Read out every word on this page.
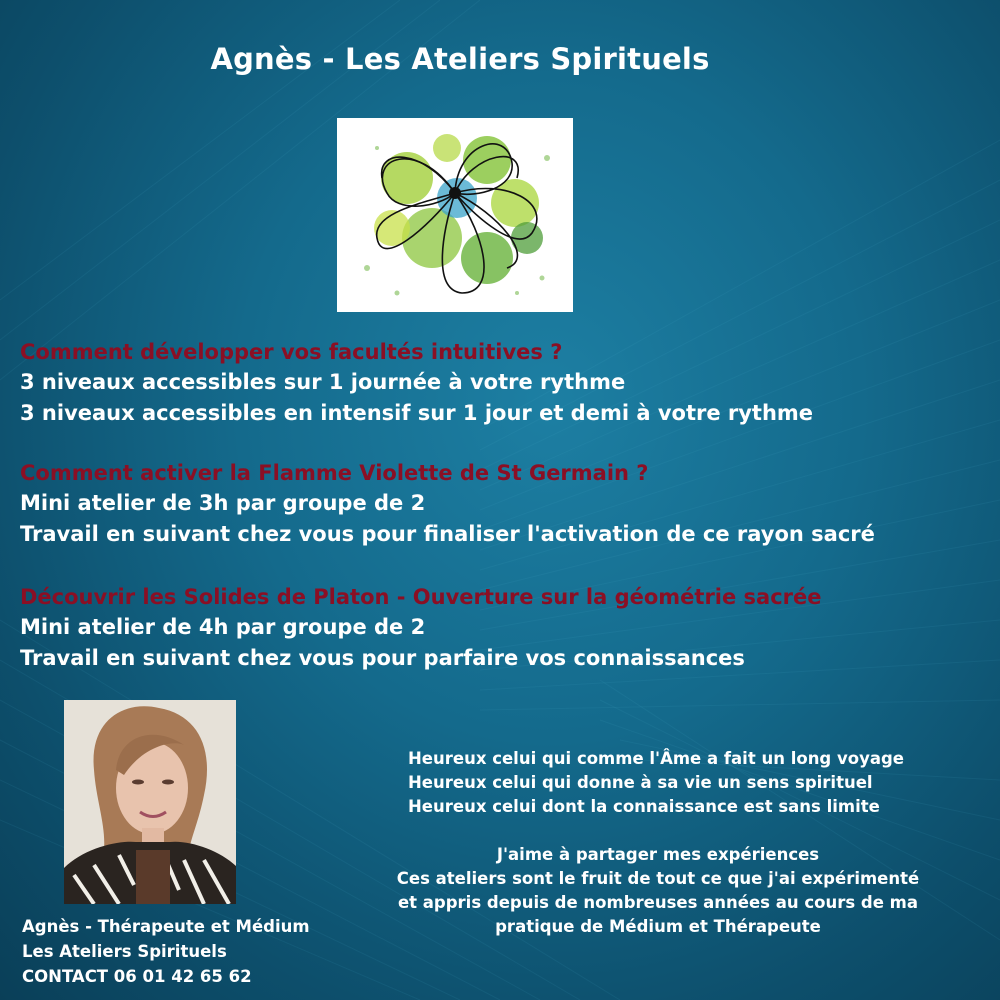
Agnès - Les Ateliers Spirituels
Comment développer vos facultés intuitives ?
3 niveaux accessibles sur 1 journée à votre rythme
3 niveaux accessibles en intensif sur 1 jour et demi à votre rythme
Comment activer la Flamme Violette de St Germain ?
Mini atelier de 3h par groupe de 2
Travail en suivant chez vous pour finaliser l'activation de ce rayon sacré
Découvrir les Solides de Platon - Ouverture sur la géométrie sacrée
Mini atelier de 4h par groupe de 2
Travail en suivant chez vous pour parfaire vos connaissances
Agnès - Thérapeute et Médium
Les Ateliers Spirituels
CONTACT 06 01 42 65 62
Heureux celui qui comme l'Âme a fait un long voyage
Heureux celui qui donne à sa vie un sens spirituel
Heureux celui dont la connaissance est sans limite
J'aime à partager mes expériences
Ces ateliers sont le fruit de tout ce que j'ai expérimenté
et appris depuis de nombreuses années au cours de ma
pratique de Médium et Thérapeute
